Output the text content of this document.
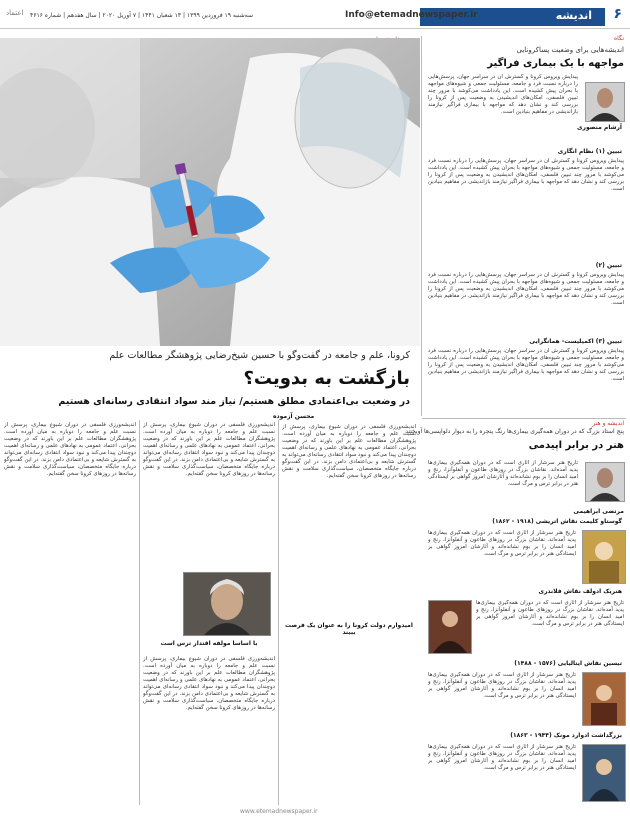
اندیشه ۶
Info@etemadnewspaper.ir
سه‌شنبه ۱۹ فروردین ۱۳۹۹ | ۱۴ شعبان ۱۴۴۱ | ۷ آوریل ۲۰۲۰ | سال هفدهم | شماره ۴۶۱۶
اعتماد
کرونا، علم و جامعه در گفت‌وگو با حسین شیخ‌رضایی پژوهشگر مطالعات علم
بازگشت به بدویت؟
در وضعیت بی‌اعتمادی مطلق هستیم/ نیاز مند سواد انتقادی رسانه‌ای هستیم
محسن آزموده
اندیشه‌ورزی فلسفی در دوران شیوع بیماری، پرسش از نسبت علم و جامعه را دوباره به میان آورده است. پژوهشگران مطالعات علم بر این باورند که در وضعیت بحرانی، اعتماد عمومی به نهادهای علمی و رسانه‌ای اهمیت دوچندان پیدا می‌کند و نبود سواد انتقادی رسانه‌ای می‌تواند به گسترش شایعه و بی‌اعتمادی دامن بزند. در این گفت‌وگو درباره جایگاه متخصصان، سیاست‌گذاری سلامت و نقش رسانه‌ها در روزهای کرونا سخن گفته‌ایم.
اندیشه‌ورزی فلسفی در دوران شیوع بیماری، پرسش از نسبت علم و جامعه را دوباره به میان آورده است. پژوهشگران مطالعات علم بر این باورند که در وضعیت بحرانی، اعتماد عمومی به نهادهای علمی و رسانه‌ای اهمیت دوچندان پیدا می‌کند و نبود سواد انتقادی رسانه‌ای می‌تواند به گسترش شایعه و بی‌اعتمادی دامن بزند. در این گفت‌وگو درباره جایگاه متخصصان، سیاست‌گذاری سلامت و نقش رسانه‌ها در روزهای کرونا سخن گفته‌ایم.
اندیشه‌ورزی فلسفی در دوران شیوع بیماری، پرسش از نسبت علم و جامعه را دوباره به میان آورده است. پژوهشگران مطالعات علم بر این باورند که در وضعیت بحرانی، اعتماد عمومی به نهادهای علمی و رسانه‌ای اهمیت دوچندان پیدا می‌کند و نبود سواد انتقادی رسانه‌ای می‌تواند به گسترش شایعه و بی‌اعتمادی دامن بزند. در این گفت‌وگو درباره جایگاه متخصصان، سیاست‌گذاری سلامت و نقش رسانه‌ها در روزهای کرونا سخن گفته‌ایم.
امیدوارم دولت کرونا را به عنوان یک فرصت ببیند
با اساسا مولفه اقتدار ترس است
اندیشه‌ورزی فلسفی در دوران شیوع بیماری، پرسش از نسبت علم و جامعه را دوباره به میان آورده است. پژوهشگران مطالعات علم بر این باورند که در وضعیت بحرانی، اعتماد عمومی به نهادهای علمی و رسانه‌ای اهمیت دوچندان پیدا می‌کند و نبود سواد انتقادی رسانه‌ای می‌تواند به گسترش شایعه و بی‌اعتمادی دامن بزند. در این گفت‌وگو درباره جایگاه متخصصان، سیاست‌گذاری سلامت و نقش رسانه‌ها در روزهای کرونا سخن گفته‌ایم.
نگاه
اندیشه‌هایی برای وضعیت پساکرونایی
مواجهه با یک بیماری فراگیر
آرشام منصوری
پیدایش ویروس کرونا و گسترش آن در سراسر جهان، پرسش‌هایی را درباره نسبت فرد و جامعه، مسئولیت جمعی و شیوه‌های مواجهه با بحران پیش کشیده است. این یادداشت می‌کوشد با مرور چند تبیین فلسفی، امکان‌های اندیشیدن به وضعیت پس از کرونا را بررسی کند و نشان دهد که مواجهه با بیماری فراگیر نیازمند بازاندیشی در مفاهیم بنیادین است.
تبیین (۱) نظام انگاری
پیدایش ویروس کرونا و گسترش آن در سراسر جهان، پرسش‌هایی را درباره نسبت فرد و جامعه، مسئولیت جمعی و شیوه‌های مواجهه با بحران پیش کشیده است. این یادداشت می‌کوشد با مرور چند تبیین فلسفی، امکان‌های اندیشیدن به وضعیت پس از کرونا را بررسی کند و نشان دهد که مواجهه با بیماری فراگیر نیازمند بازاندیشی در مفاهیم بنیادین است.
تبیین (۲)
پیدایش ویروس کرونا و گسترش آن در سراسر جهان، پرسش‌هایی را درباره نسبت فرد و جامعه، مسئولیت جمعی و شیوه‌های مواجهه با بحران پیش کشیده است. این یادداشت می‌کوشد با مرور چند تبیین فلسفی، امکان‌های اندیشیدن به وضعیت پس از کرونا را بررسی کند و نشان دهد که مواجهه با بیماری فراگیر نیازمند بازاندیشی در مفاهیم بنیادین است.
تبیین (۳) اکمیلیست- همانگرایی
پیدایش ویروس کرونا و گسترش آن در سراسر جهان، پرسش‌هایی را درباره نسبت فرد و جامعه، مسئولیت جمعی و شیوه‌های مواجهه با بحران پیش کشیده است. این یادداشت می‌کوشد با مرور چند تبیین فلسفی، امکان‌های اندیشیدن به وضعیت پس از کرونا را بررسی کند و نشان دهد که مواجهه با بیماری فراگیر نیازمند بازاندیشی در مفاهیم بنیادین است.
اندیشه و هنر
پنج استاد بزرگ که در دوران همه‌گیری بیماری‌ها رنگ پنجره را به دیوار دلواپسی‌ها آویختند
هنر در برابر اپیدمی
مرتضی ابراهیمی
تاریخ هنر سرشار از آثاری است که در دوران همه‌گیری بیماری‌ها پدید آمده‌اند. نقاشان بزرگ در روزهای طاعون و آنفلوآنزا، رنج و امید انسان را بر بوم نشانده‌اند و آثارشان امروز گواهی بر ایستادگی هنر در برابر ترس و مرگ است.
گوستاو کلیمت نقاش اتریشی (۱۹۱۸ - ۱۸۶۲)
تاریخ هنر سرشار از آثاری است که در دوران همه‌گیری بیماری‌ها پدید آمده‌اند. نقاشان بزرگ در روزهای طاعون و آنفلوآنزا، رنج و امید انسان را بر بوم نشانده‌اند و آثارشان امروز گواهی بر ایستادگی هنر در برابر ترس و مرگ است.
هنریک ادولف نقاش فلاندری
تاریخ هنر سرشار از آثاری است که در دوران همه‌گیری بیماری‌ها پدید آمده‌اند. نقاشان بزرگ در روزهای طاعون و آنفلوآنزا، رنج و امید انسان را بر بوم نشانده‌اند و آثارشان امروز گواهی بر ایستادگی هنر در برابر ترس و مرگ است.
تیسین نقاش ایتالیایی (۱۵۷۶ - ۱۴۸۸)
تاریخ هنر سرشار از آثاری است که در دوران همه‌گیری بیماری‌ها پدید آمده‌اند. نقاشان بزرگ در روزهای طاعون و آنفلوآنزا، رنج و امید انسان را بر بوم نشانده‌اند و آثارشان امروز گواهی بر ایستادگی هنر در برابر ترس و مرگ است.
بزرگداشت ادوارد مونک (۱۹۴۴ - ۱۸۶۳)
تاریخ هنر سرشار از آثاری است که در دوران همه‌گیری بیماری‌ها پدید آمده‌اند. نقاشان بزرگ در روزهای طاعون و آنفلوآنزا، رنج و امید انسان را بر بوم نشانده‌اند و آثارشان امروز گواهی بر ایستادگی هنر در برابر ترس و مرگ است.
www.etemadnewspaper.ir
